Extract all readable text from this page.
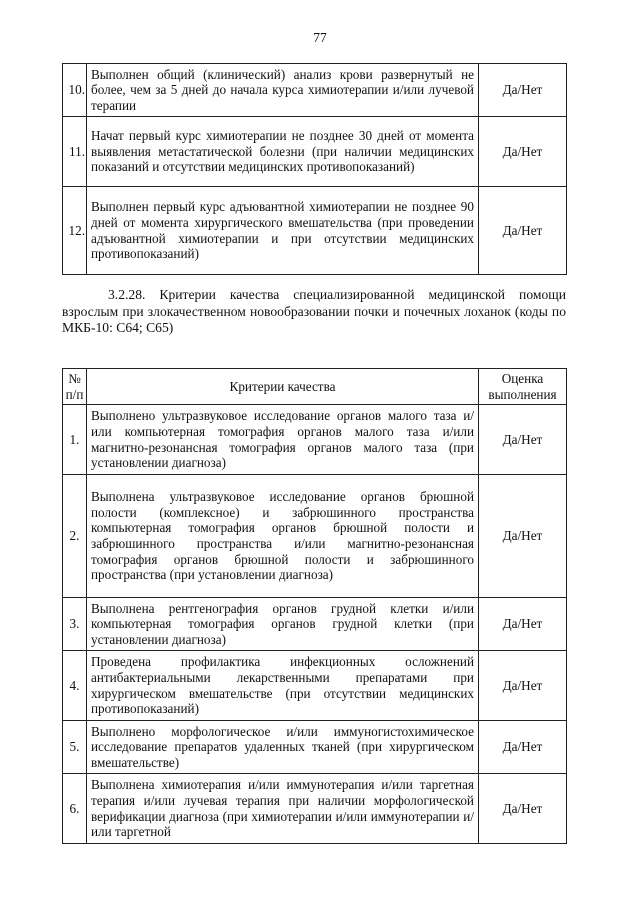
77
10.	Выполнен общий (клинический) анализ крови развернутый не более, чем за 5 дней до начала курса химиотерапии и/или лучевой терапии	Да/Нет
11.	Начат первый курс химиотерапии не позднее 30 дней от момента выявления метастатической болезни (при наличии медицинских показаний и отсутствии медицинских противопоказаний)	Да/Нет
12.	Выполнен первый курс адъювантной химиотерапии не позднее 90 дней от момента хирургического вмешательства (при проведении адъювантной химиотерапии и при отсутствии медицинских противопоказаний)	Да/Нет
3.2.28. Критерии качества специализированной медицинской помощи взрослым при злокачественном новообразовании почки и почечных лоханок (коды по МКБ-10: C64; C65)
№ п/п	Критерии качества	Оценка выполнения
1.	Выполнено ультразвуковое исследование органов малого таза и/или компьютерная томография органов малого таза и/или магнитно-резонансная томография органов малого таза (при установлении диагноза)	Да/Нет
2.	Выполнена ультразвуковое исследование органов брюшной полости (комплексное) и забрюшинного пространства компьютерная томография органов брюшной полости и забрюшинного пространства и/или магнитно-резонансная томография органов брюшной полости и забрюшинного пространства (при установлении диагноза)	Да/Нет
3.	Выполнена рентгенография органов грудной клетки и/или компьютерная томография органов грудной клетки (при установлении диагноза)	Да/Нет
4.	Проведена профилактика инфекционных осложнений антибактериальными лекарственными препаратами при хирургическом вмешательстве (при отсутствии медицинских противопоказаний)	Да/Нет
5.	Выполнено морфологическое и/или иммуногистохимическое исследование препаратов удаленных тканей (при хирургическом вмешательстве)	Да/Нет
6.	Выполнена химиотерапия и/или иммунотерапия и/или таргетная терапия и/или лучевая терапия при наличии морфологической верификации диагноза (при химиотерапии и/или иммунотерапии и/или таргетной	Да/Нет
